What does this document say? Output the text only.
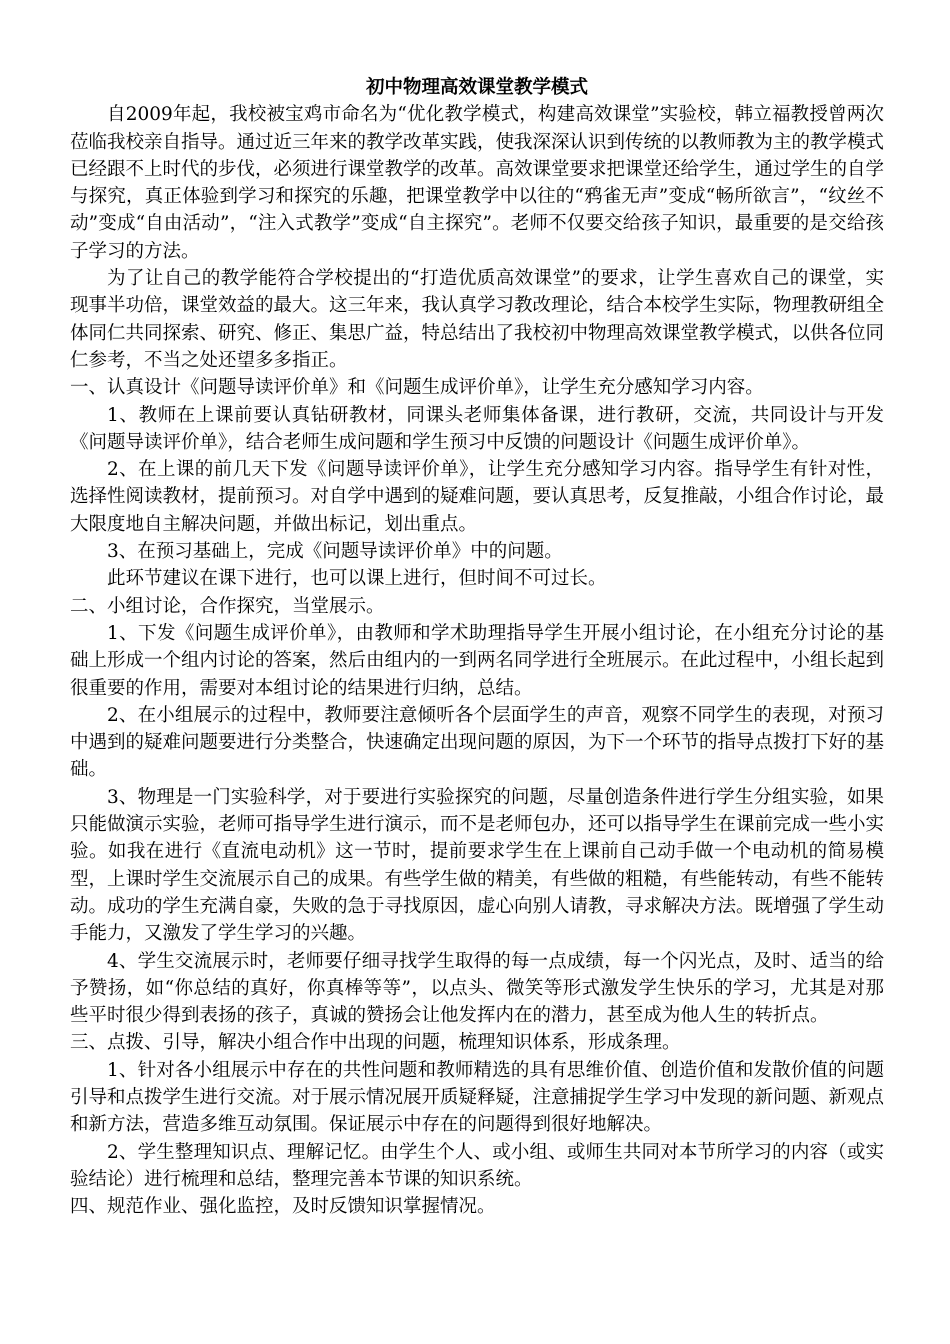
初中物理高效课堂教学模式

自2009年起，我校被宝鸡市命名为“优化教学模式，构建高效课堂”实验校，韩立福教授曾两次莅临我校亲自指导。通过近三年来的教学改革实践，使我深深认识到传统的以教师教为主的教学模式已经跟不上时代的步伐，必须进行课堂教学的改革。高效课堂要求把课堂还给学生，通过学生的自学与探究，真正体验到学习和探究的乐趣，把课堂教学中以往的“鸦雀无声”变成“畅所欲言”，“纹丝不动”变成“自由活动”，“注入式教学”变成“自主探究”。老师不仅要交给孩子知识，最重要的是交给孩子学习的方法。

为了让自己的教学能符合学校提出的“打造优质高效课堂”的要求，让学生喜欢自己的课堂，实现事半功倍，课堂效益的最大。这三年来，我认真学习教改理论，结合本校学生实际，物理教研组全体同仁共同探索、研究、修正、集思广益，特总结出了我校初中物理高效课堂教学模式，以供各位同仁参考，不当之处还望多多指正。

一、认真设计《问题导读评价单》和《问题生成评价单》，让学生充分感知学习内容。

1、教师在上课前要认真钻研教材，同课头老师集体备课，进行教研，交流，共同设计与开发《问题导读评价单》，结合老师生成问题和学生预习中反馈的问题设计《问题生成评价单》。

2、在上课的前几天下发《问题导读评价单》，让学生充分感知学习内容。指导学生有针对性，选择性阅读教材，提前预习。对自学中遇到的疑难问题，要认真思考，反复推敲，小组合作讨论，最大限度地自主解决问题，并做出标记，划出重点。

3、在预习基础上，完成《问题导读评价单》中的问题。

此环节建议在课下进行，也可以课上进行，但时间不可过长。

二、小组讨论，合作探究，当堂展示。

1、下发《问题生成评价单》，由教师和学术助理指导学生开展小组讨论，在小组充分讨论的基础上形成一个组内讨论的答案，然后由组内的一到两名同学进行全班展示。在此过程中，小组长起到很重要的作用，需要对本组讨论的结果进行归纳，总结。

2、在小组展示的过程中，教师要注意倾听各个层面学生的声音，观察不同学生的表现，对预习中遇到的疑难问题要进行分类整合，快速确定出现问题的原因，为下一个环节的指导点拨打下好的基础。

3、物理是一门实验科学，对于要进行实验探究的问题，尽量创造条件进行学生分组实验，如果只能做演示实验，老师可指导学生进行演示，而不是老师包办，还可以指导学生在课前完成一些小实验。如我在进行《直流电动机》这一节时，提前要求学生在上课前自己动手做一个电动机的简易模型，上课时学生交流展示自己的成果。有些学生做的精美，有些做的粗糙，有些能转动，有些不能转动。成功的学生充满自豪，失败的急于寻找原因，虚心向别人请教，寻求解决方法。既增强了学生动手能力，又激发了学生学习的兴趣。

4、学生交流展示时，老师要仔细寻找学生取得的每一点成绩，每一个闪光点，及时、适当的给予赞扬，如“你总结的真好，你真棒等等”，以点头、微笑等形式激发学生快乐的学习，尤其是对那些平时很少得到表扬的孩子，真诚的赞扬会让他发挥内在的潜力，甚至成为他人生的转折点。

三、点拨、引导，解决小组合作中出现的问题，梳理知识体系，形成条理。

1、针对各小组展示中存在的共性问题和教师精选的具有思维价值、创造价值和发散价值的问题引导和点拨学生进行交流。对于展示情况展开质疑释疑，注意捕捉学生学习中发现的新问题、新观点和新方法，营造多维互动氛围。保证展示中存在的问题得到很好地解决。

2、学生整理知识点、理解记忆。由学生个人、或小组、或师生共同对本节所学习的内容（或实验结论）进行梳理和总结，整理完善本节课的知识系统。

四、规范作业、强化监控，及时反馈知识掌握情况。
